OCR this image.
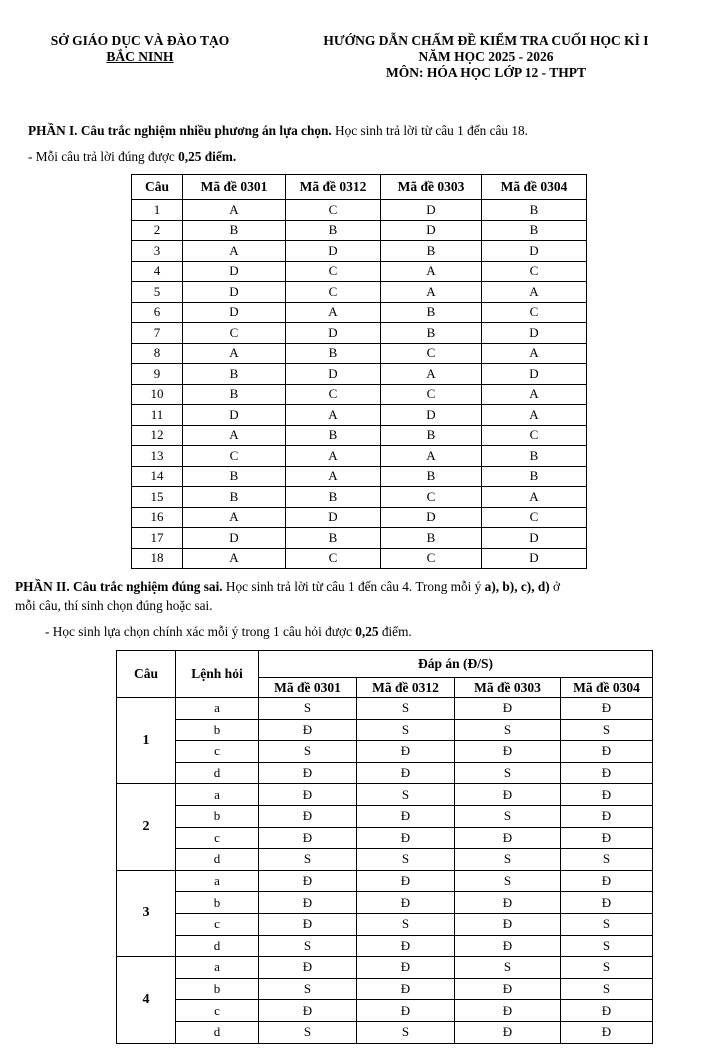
SỞ GIÁO DỤC VÀ ĐÀO TẠO
BẮC NINH
HƯỚNG DẪN CHẤM ĐỀ KIỂM TRA CUỐI HỌC KÌ I
NĂM HỌC 2025 - 2026
MÔN: HÓA HỌC LỚP 12 - THPT
PHẦN I. Câu trắc nghiệm nhiều phương án lựa chọn. Học sinh trả lời từ câu 1 đến câu 18.
- Mỗi câu trả lời đúng được 0,25 điểm.
Câu	Mã đề 0301	Mã đề 0312	Mã đề 0303	Mã đề 0304
1	A	C	D	B
2	B	B	D	B
3	A	D	B	D
4	D	C	A	C
5	D	C	A	A
6	D	A	B	C
7	C	D	B	D
8	A	B	C	A
9	B	D	A	D
10	B	C	C	A
11	D	A	D	A
12	A	B	B	C
13	C	A	A	B
14	B	A	B	B
15	B	B	C	A
16	A	D	D	C
17	D	B	B	D
18	A	C	C	D
PHẦN II. Câu trắc nghiệm đúng sai. Học sinh trả lời từ câu 1 đến câu 4. Trong mỗi ý a), b), c), d) ở
mỗi câu, thí sinh chọn đúng hoặc sai.
- Học sinh lựa chọn chính xác mỗi ý trong 1 câu hỏi được 0,25 điểm.
Câu	Lệnh hỏi	Đáp án (Đ/S)			
		Mã đề 0301	Mã đề 0312	Mã đề 0303	Mã đề 0304
1	a	S	S	Đ	Đ
	b	Đ	S	S	S
	c	S	Đ	Đ	Đ
	d	Đ	Đ	S	Đ
2	a	Đ	S	Đ	Đ
	b	Đ	Đ	S	Đ
	c	Đ	Đ	Đ	Đ
	d	S	S	S	S
3	a	Đ	Đ	S	Đ
	b	Đ	Đ	Đ	Đ
	c	Đ	S	Đ	S
	d	S	Đ	Đ	S
4	a	Đ	Đ	S	S
	b	S	Đ	Đ	S
	c	Đ	Đ	Đ	Đ
	d	S	S	Đ	Đ
